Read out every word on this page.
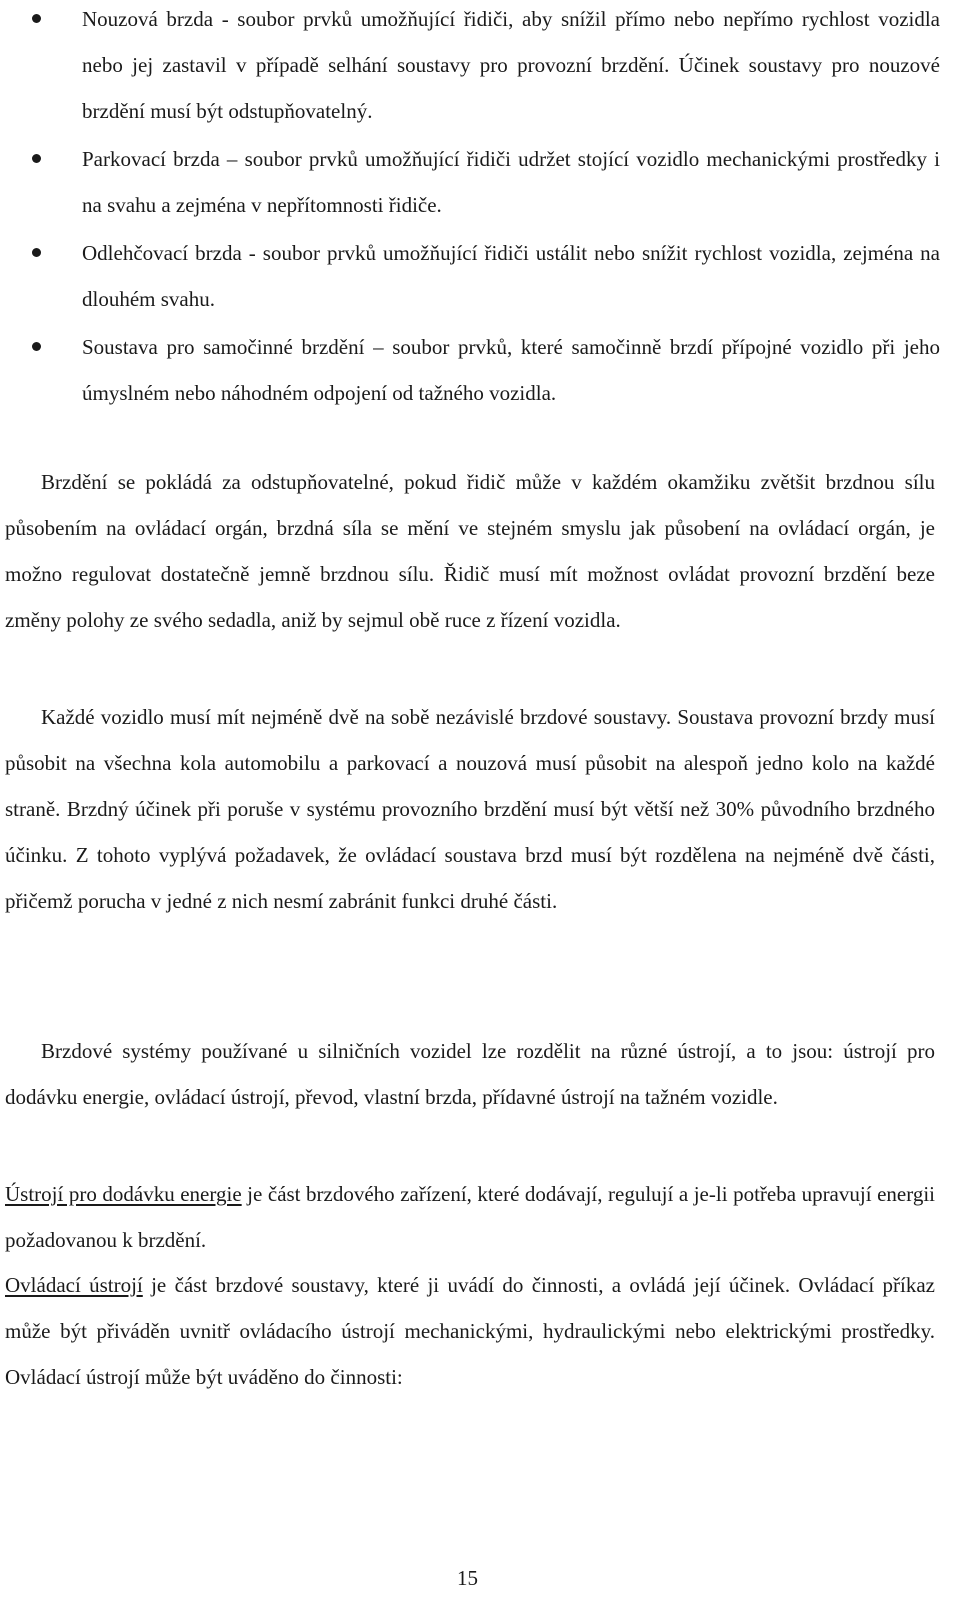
Nouzová brzda - soubor prvků umožňující řidiči, aby snížil přímo nebo nepřímo rychlost vozidla nebo jej zastavil v případě selhání soustavy pro provozní brzdění. Účinek soustavy pro nouzové brzdění musí být odstupňovatelný.
Parkovací brzda – soubor prvků umožňující řidiči udržet stojící vozidlo mechanickými prostředky i na svahu a zejména v nepřítomnosti řidiče.
Odlehčovací brzda - soubor prvků umožňující řidiči ustálit nebo snížit rychlost vozidla, zejména na dlouhém svahu.
Soustava pro samočinné brzdění – soubor prvků, které samočinně brzdí přípojné vozidlo při jeho úmyslném nebo náhodném odpojení od tažného vozidla.

Brzdění se pokládá za odstupňovatelné, pokud řidič může v každém okamžiku zvětšit brzdnou sílu působením na ovládací orgán, brzdná síla se mění ve stejném smyslu jak působení na ovládací orgán, je možno regulovat dostatečně jemně brzdnou sílu. Řidič musí mít možnost ovládat provozní brzdění beze změny polohy ze svého sedadla, aniž by sejmul obě ruce z řízení vozidla.

Každé vozidlo musí mít nejméně dvě na sobě nezávislé brzdové soustavy. Soustava provozní brzdy musí působit na všechna kola automobilu a parkovací a nouzová musí působit na alespoň jedno kolo na každé straně. Brzdný účinek při poruše v systému provozního brzdění musí být větší než 30% původního brzdného účinku. Z tohoto vyplývá požadavek, že ovládací soustava brzd musí být rozdělena na nejméně dvě části, přičemž porucha v jedné z nich nesmí zabránit funkci druhé části.

Brzdové systémy používané u silničních vozidel lze rozdělit na různé ústrojí, a to jsou: ústrojí pro dodávku energie, ovládací ústrojí, převod, vlastní brzda, přídavné ústrojí na tažném vozidle.

Ústrojí pro dodávku energie je část brzdového zařízení, které dodávají, regulují a je-li potřeba upravují energii požadovanou k brzdění.

Ovládací ústrojí je část brzdové soustavy, které ji uvádí do činnosti, a ovládá její účinek. Ovládací příkaz může být přiváděn uvnitř ovládacího ústrojí mechanickými, hydraulickými nebo elektrickými prostředky. Ovládací ústrojí může být uváděno do činnosti:

15
